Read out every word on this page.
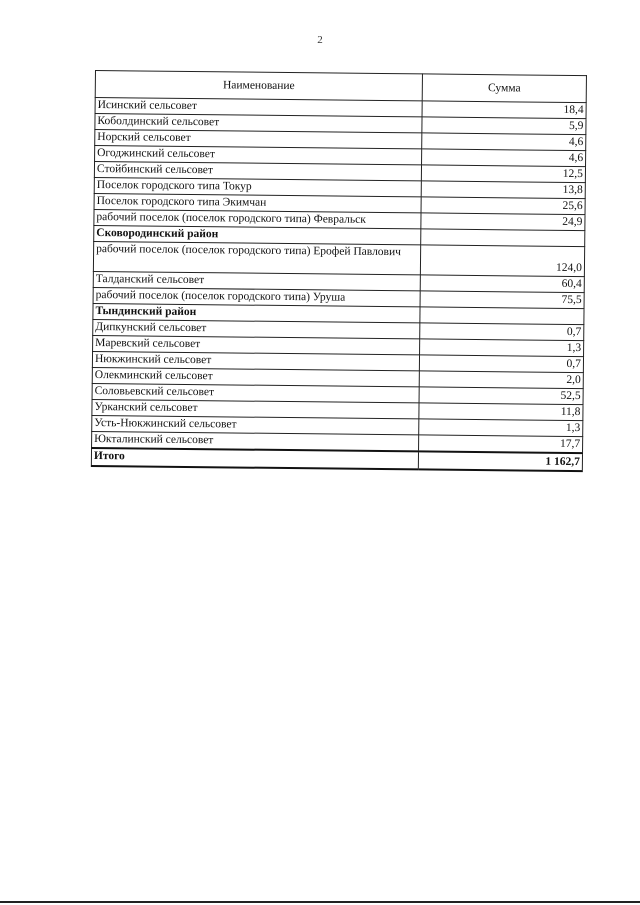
2
Наименование	Сумма
Исинский сельсовет	18,4
Коболдинский сельсовет	5,9
Норский сельсовет	4,6
Огоджинский сельсовет	4,6
Стойбинский сельсовет	12,5
Поселок городского типа Токур	13,8
Поселок городского типа Экимчан	25,6
рабочий поселок (поселок городского типа) Февральск	24,9
Сковородинский район	
рабочий поселок (поселок городского типа) Ерофей Павлович	124,0
Талданский сельсовет	60,4
рабочий поселок (поселок городского типа) Уруша	75,5
Тындинский район	
Дипкунский сельсовет	0,7
Маревский сельсовет	1,3
Нюкжинский сельсовет	0,7
Олекминский сельсовет	2,0
Соловьевский сельсовет	52,5
Урканский сельсовет	11,8
Усть-Нюкжинский сельсовет	1,3
Юкталинский сельсовет	17,7
Итого	1 162,7
